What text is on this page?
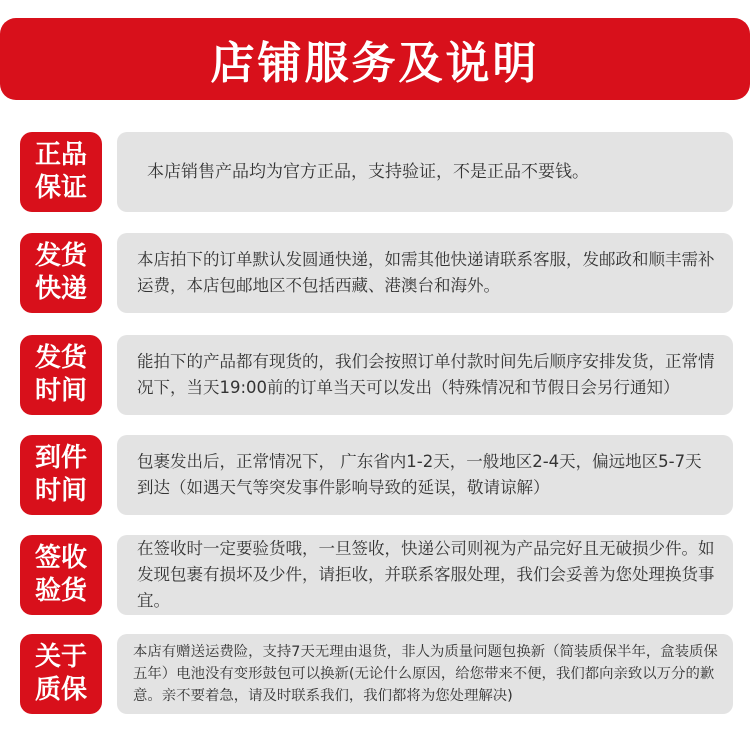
店铺服务及说明
正品
保证
本店销售产品均为官方正品，支持验证，不是正品不要钱。
发货
快递
本店拍下的订单默认发圆通快递，如需其他快递请联系客服，发邮政和顺丰需补运费，本店包邮地区不包括西藏、港澳台和海外。
发货
时间
能拍下的产品都有现货的，我们会按照订单付款时间先后顺序安排发货，正常情况下，当天19:00前的订单当天可以发出（特殊情况和节假日会另行通知）
到件
时间
包裹发出后，正常情况下， 广东省内1-2天，一般地区2-4天，偏远地区5-7天到达（如遇天气等突发事件影响导致的延误，敬请谅解）
签收
验货
在签收时一定要验货哦，一旦签收，快递公司则视为产品完好且无破损少件。如发现包裹有损坏及少件，请拒收，并联系客服处理，我们会妥善为您处理换货事宜。
关于
质保
本店有赠送运费险，支持7天无理由退货，非人为质量问题包换新（简装质保半年，盒装质保五年）电池没有变形鼓包可以换新(无论什么原因，给您带来不便，我们都向亲致以万分的歉意。亲不要着急，请及时联系我们，我们都将为您处理解决)
